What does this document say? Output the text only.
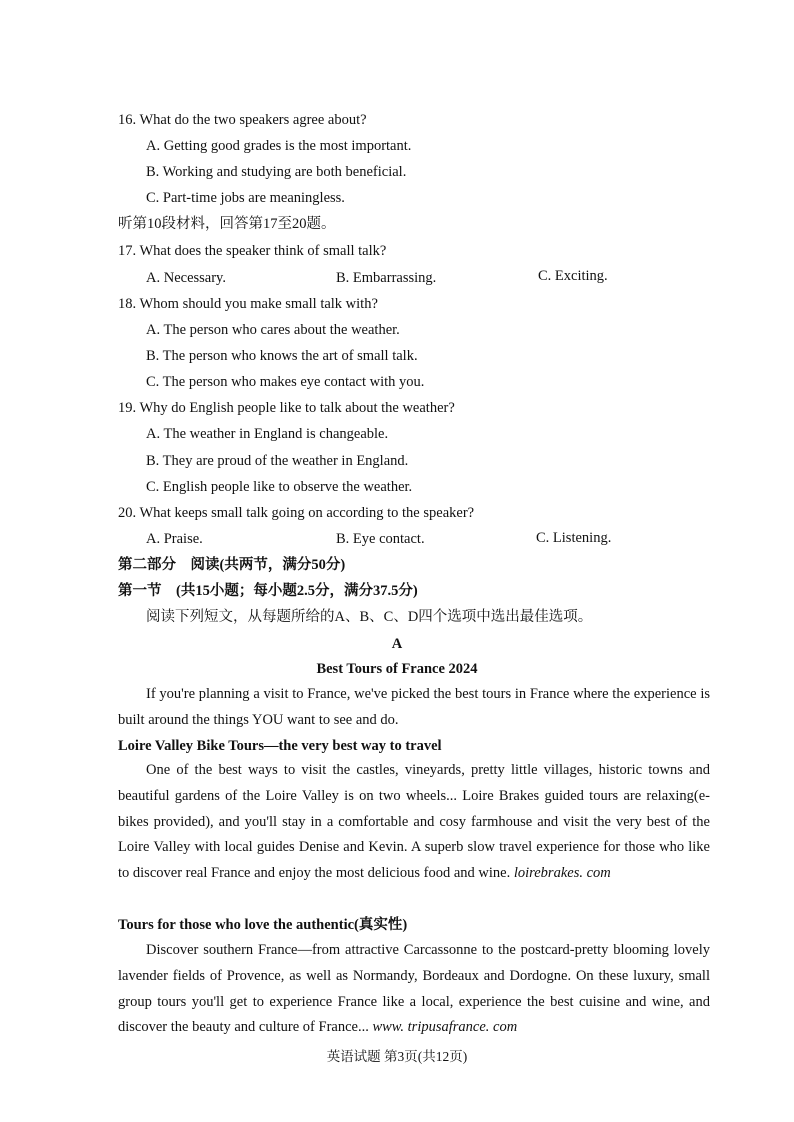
16. What do the two speakers agree about?
A. Getting good grades is the most important.
B. Working and studying are both beneficial.
C. Part-time jobs are meaningless.
听第10段材料，回答第17至20题。
17. What does the speaker think of small talk?
A. Necessary.	B. Embarrassing.	C. Exciting.
18. Whom should you make small talk with?
A. The person who cares about the weather.
B. The person who knows the art of small talk.
C. The person who makes eye contact with you.
19. Why do English people like to talk about the weather?
A. The weather in England is changeable.
B. They are proud of the weather in England.
C. English people like to observe the weather.
20. What keeps small talk going on according to the speaker?
A. Praise.	B. Eye contact.	C. Listening.
第二部分　阅读(共两节，满分50分)
第一节　(共15小题；每小题2.5分，满分37.5分)
阅读下列短文，从每题所给的A、B、C、D四个选项中选出最佳选项。
A
Best Tours of France 2024
If you're planning a visit to France, we've picked the best tours in France where the experience is built around the things YOU want to see and do.
Loire Valley Bike Tours—the very best way to travel
One of the best ways to visit the castles, vineyards, pretty little villages, historic towns and beautiful gardens of the Loire Valley is on two wheels... Loire Brakes guided tours are relaxing(e-bikes provided), and you'll stay in a comfortable and cosy farmhouse and visit the very best of the Loire Valley with local guides Denise and Kevin. A superb slow travel experience for those who like to discover real France and enjoy the most delicious food and wine. loirebrakes. com
Tours for those who love the authentic(真实性)
Discover southern France—from attractive Carcassonne to the postcard-pretty blooming lovely lavender fields of Provence, as well as Normandy, Bordeaux and Dordogne. On these luxury, small group tours you'll get to experience France like a local, experience the best cuisine and wine, and discover the beauty and culture of France... www. tripusafrance. com
英语试题 第3页(共12页)
